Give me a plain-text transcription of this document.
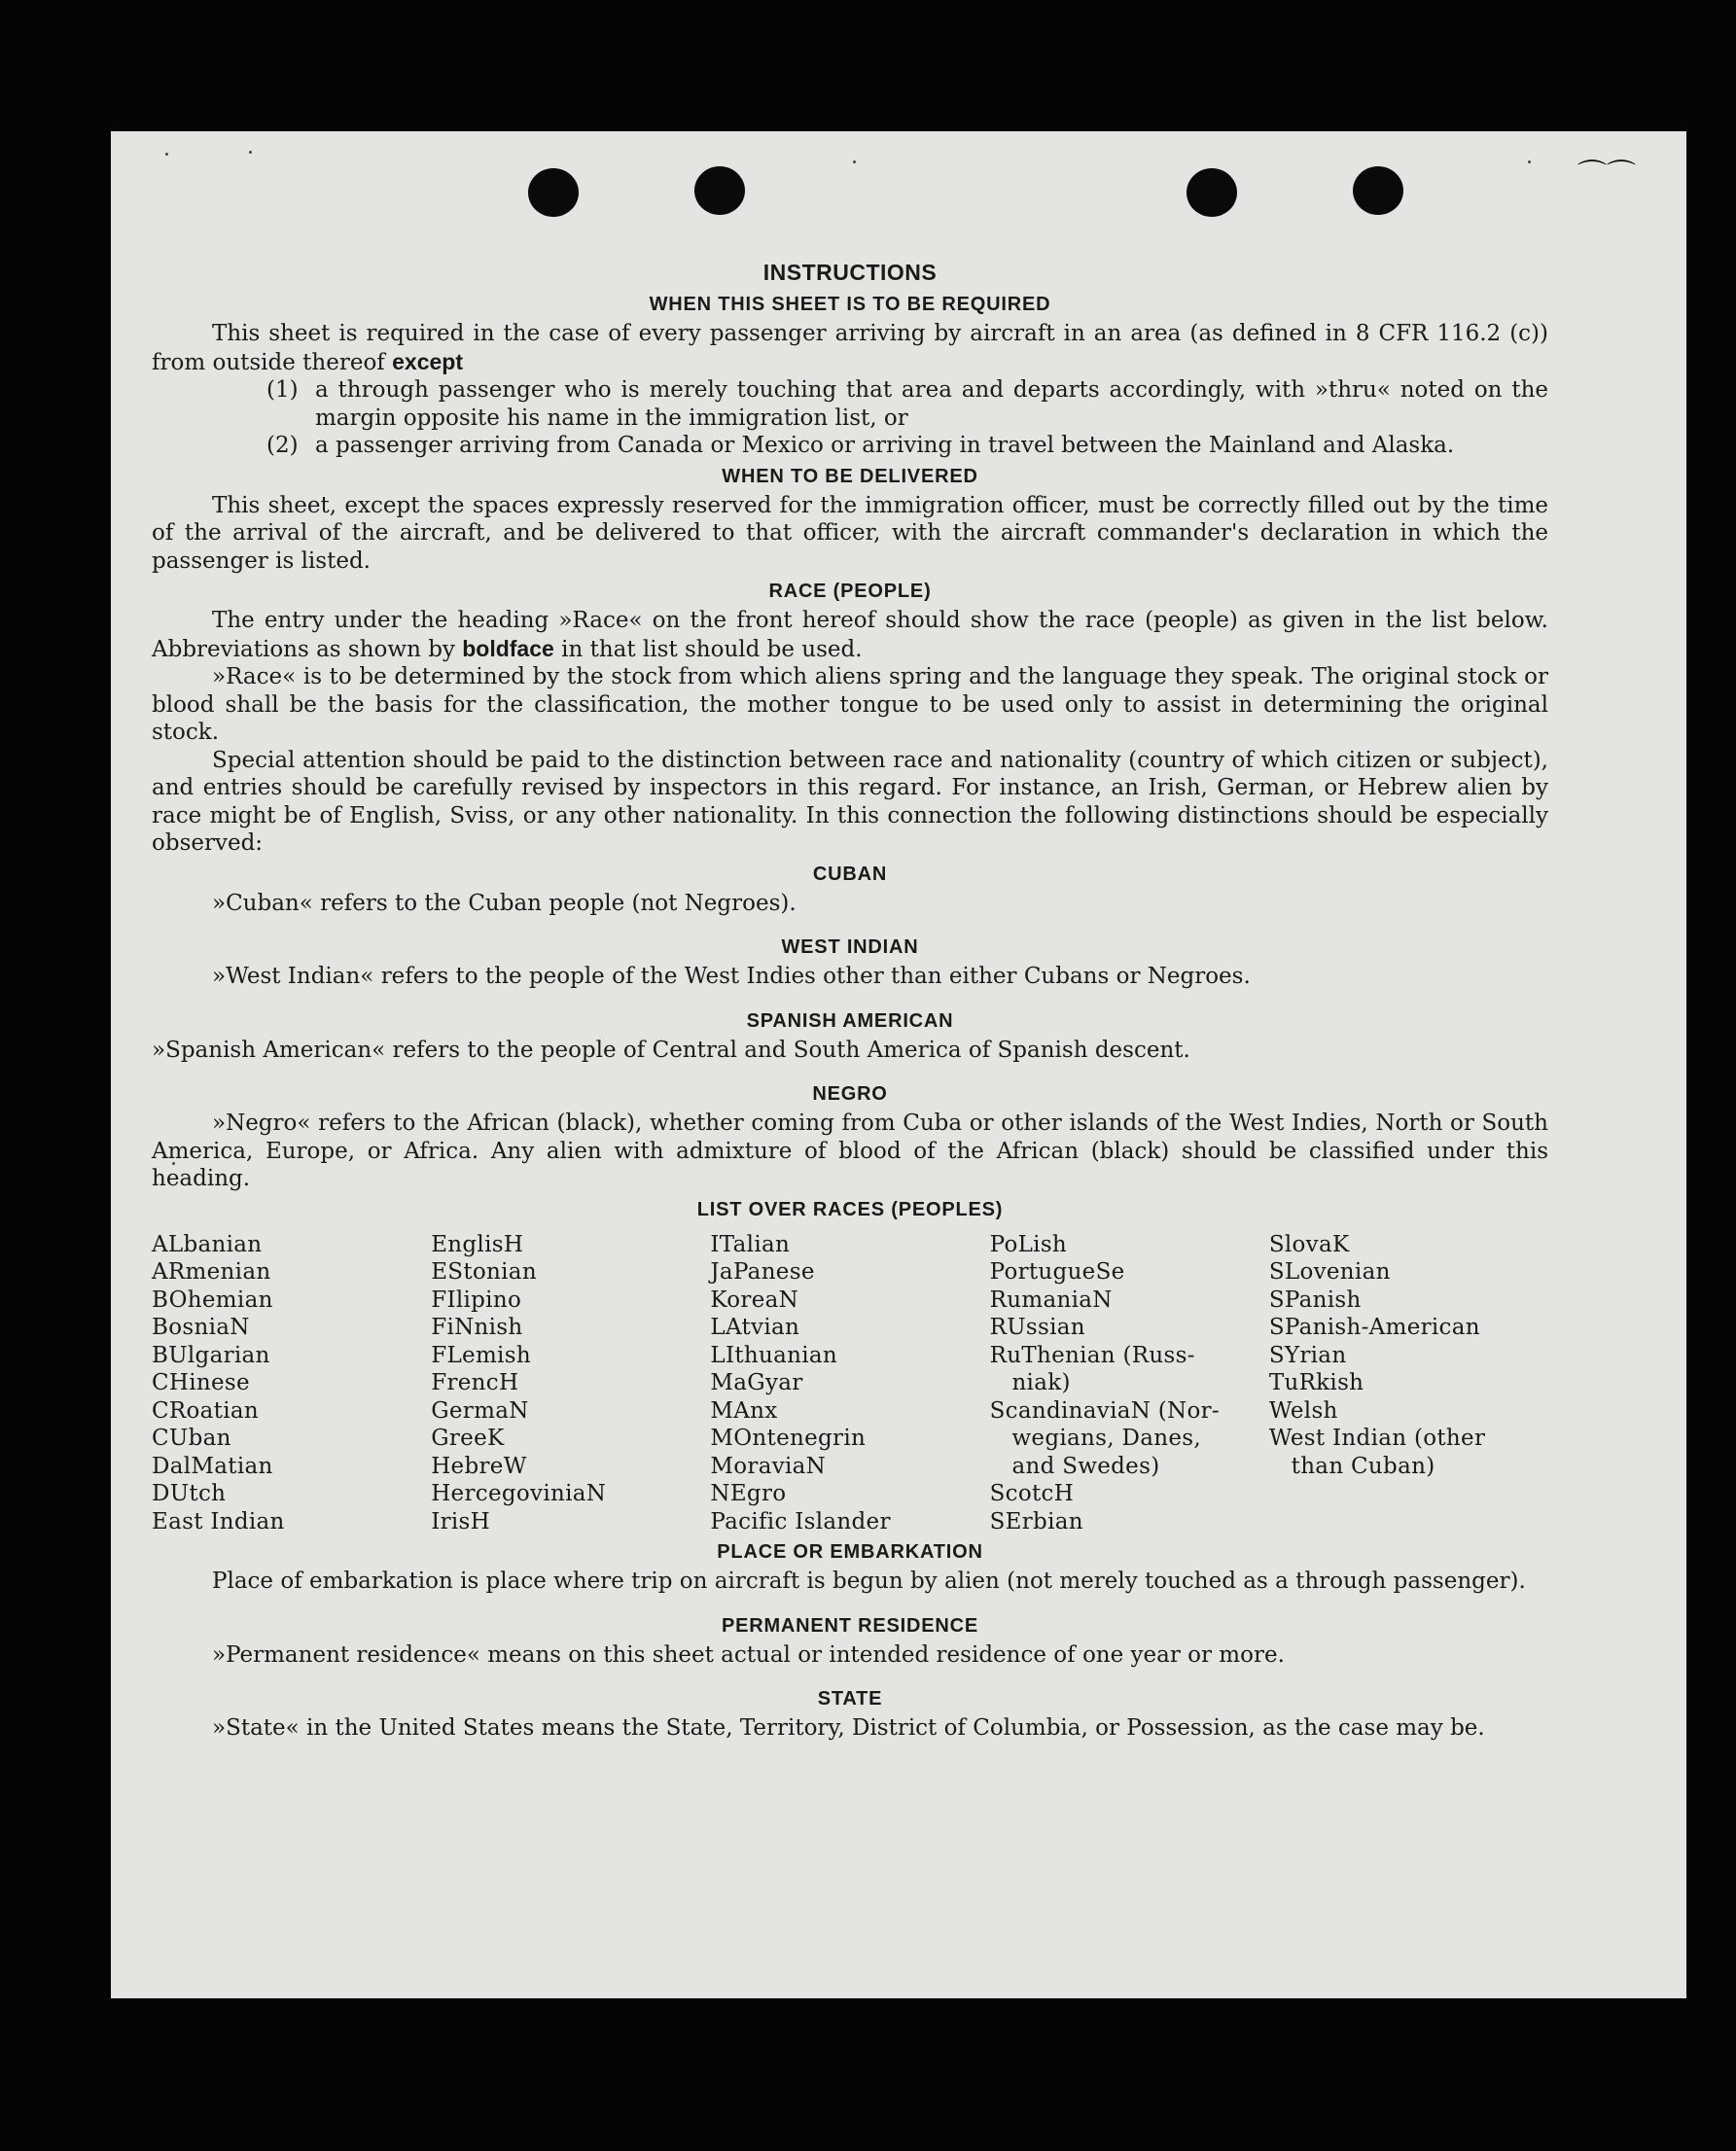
⌒⌒
INSTRUCTIONS
WHEN THIS SHEET IS TO BE REQUIRED

This sheet is required in the case of every passenger arriving by aircraft in an area (as defined in 8 CFR 116.2 (c)) from outside thereof except

(1) a through passenger who is merely touching that area and departs accordingly, with »thru« noted on the margin opposite his name in the immigration list, or
(2) a passenger arriving from Canada or Mexico or arriving in travel between the Mainland and Alaska.
WHEN TO BE DELIVERED

This sheet, except the spaces expressly reserved for the immigration officer, must be correctly filled out by the time of the arrival of the aircraft, and be delivered to that officer, with the aircraft commander's declaration in which the passenger is listed.

RACE (PEOPLE)

The entry under the heading »Race« on the front hereof should show the race (people) as given in the list below. Abbreviations as shown by boldface in that list should be used.

»Race« is to be determined by the stock from which aliens spring and the language they speak. The original stock or blood shall be the basis for the classification, the mother tongue to be used only to assist in determining the original stock.

Special attention should be paid to the distinction between race and nationality (country of which citizen or subject), and entries should be carefully revised by inspectors in this regard. For instance, an Irish, German, or Hebrew alien by race might be of English, Sviss, or any other nationality. In this connection the following distinctions should be especially observed:

CUBAN

»Cuban« refers to the Cuban people (not Negroes).

WEST INDIAN

»West Indian« refers to the people of the West Indies other than either Cubans or Negroes.

SPANISH AMERICAN

»Spanish American« refers to the people of Central and South America of Spanish descent.

NEGRO

»Negro« refers to the African (black), whether coming from Cuba or other islands of the West Indies, North or South America, Europe, or Africa. Any alien with admixture of blood of the African (black) should be classified under this heading.

LIST OVER RACES (PEOPLES)
ALbanian
ARmenian
BOhemian
BosniaN
BUlgarian
CHinese
CRoatian
CUban
DalMatian
DUtch
East Indian
EnglisH
EStonian
FIlipino
FiNnish
FLemish
FrencH
GermaN
GreeK
HebreW
HercegoviniaN
IrisH
ITalian
JaPanese
KoreaN
LAtvian
LIthuanian
MaGyar
MAnx
MOntenegrin
MoraviaN
NEgro
Pacific Islander
PoLish
PortugueSe
RumaniaN
RUssian
RuThenian (Russ-
niak)
ScandinaviaN (Nor-
wegians, Danes,
and Swedes)
ScotcH
SErbian
SlovaK
SLovenian
SPanish
SPanish-American
SYrian
TuRkish
Welsh
West Indian (other
than Cuban)
PLACE OR EMBARKATION

Place of embarkation is place where trip on aircraft is begun by alien (not merely touched as a through passenger).

PERMANENT RESIDENCE

»Permanent residence« means on this sheet actual or intended residence of one year or more.

STATE

»State« in the United States means the State, Territory, District of Columbia, or Possession, as the case may be.
